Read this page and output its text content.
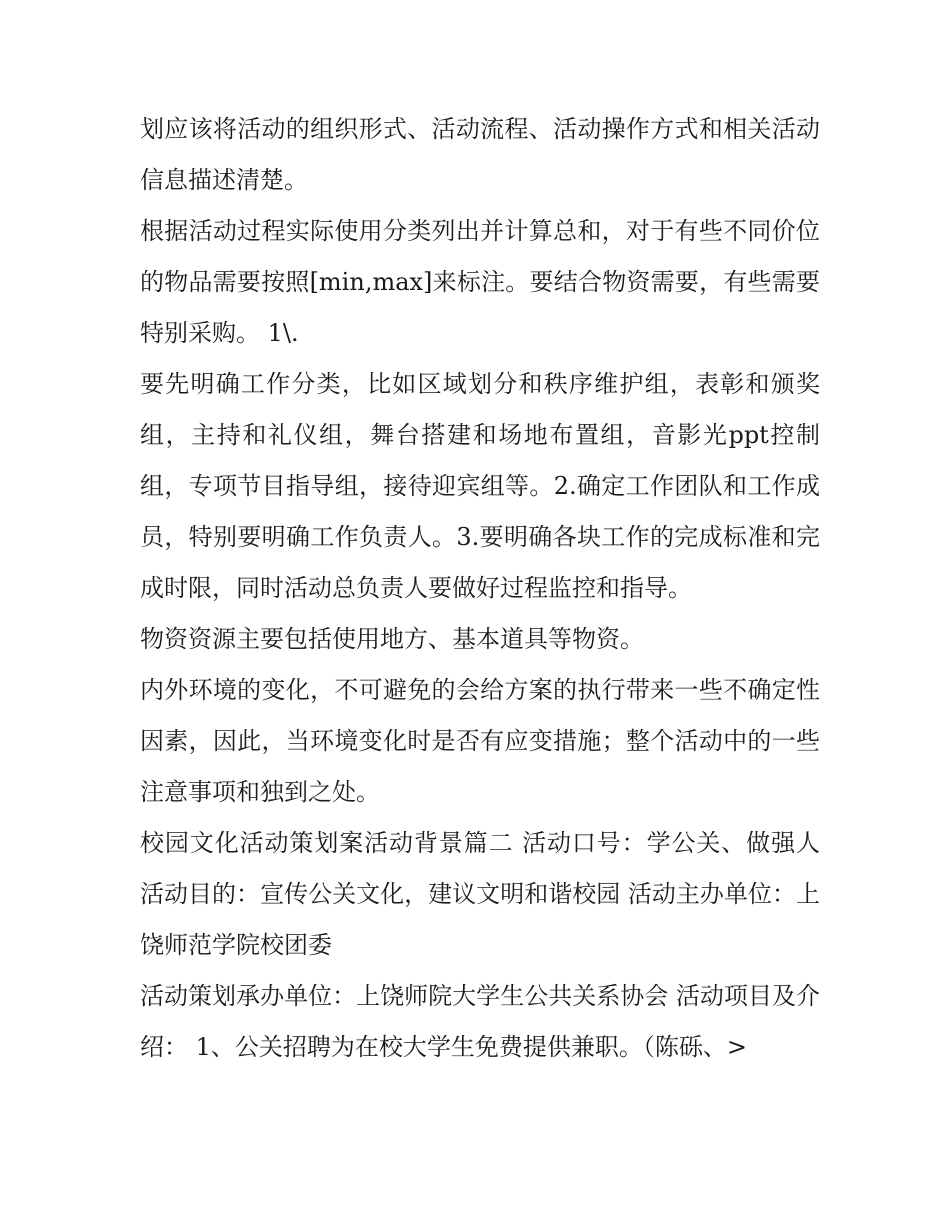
划应该将活动的组织形式、活动流程、活动操作方式和相关活动信息描述清楚。

根据活动过程实际使用分类列出并计算总和，对于有些不同价位的物品需要按照[min,max]来标注。要结合物资需要，有些需要特别采购。 1\.

要先明确工作分类，比如区域划分和秩序维护组，表彰和颁奖组，主持和礼仪组，舞台搭建和场地布置组，音影光ppt控制组，专项节目指导组，接待迎宾组等。2.确定工作团队和工作成员，特别要明确工作负责人。3.要明确各块工作的完成标准和完成时限，同时活动总负责人要做好过程监控和指导。

物资资源主要包括使用地方、基本道具等物资。

内外环境的变化，不可避免的会给方案的执行带来一些不确定性因素，因此，当环境变化时是否有应变措施；整个活动中的一些注意事项和独到之处。

校园文化活动策划案活动背景篇二 活动口号：学公关、做强人 活动目的：宣传公关文化，建议文明和谐校园 活动主办单位：上饶师范学院校团委

活动策划承办单位：上饶师院大学生公共关系协会 活动项目及介绍： 1、公关招聘为在校大学生免费提供兼职。（陈砾、>
